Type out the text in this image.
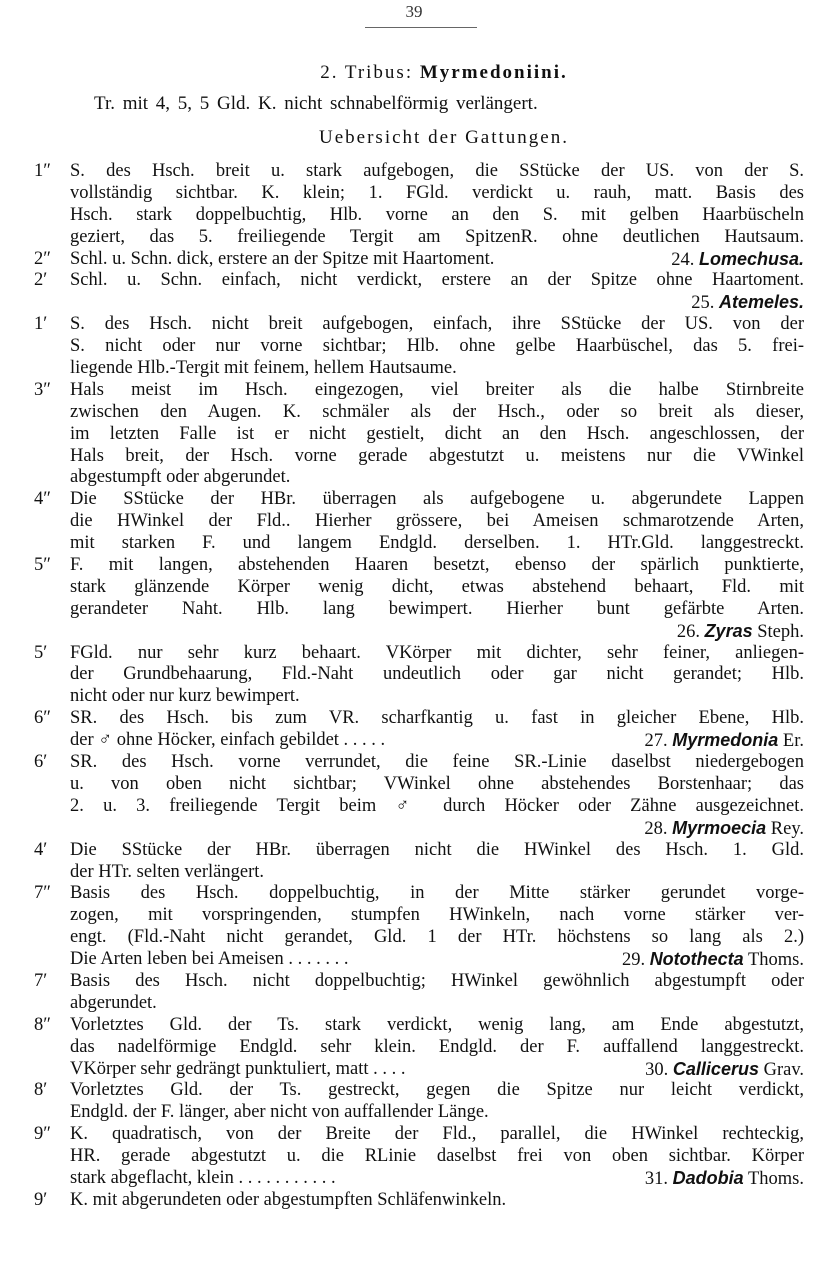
39
2. Tribus: Myrmedoniini.
Tr. mit 4, 5, 5 Gld. K. nicht schnabelförmig verlängert.
Uebersicht der Gattungen.
1″	S. des Hsch. breit u. stark aufgebogen, die SStücke der US. von der S.
vollständig sichtbar. K. klein; 1. FGld. verdickt u. rauh, matt. Basis des
Hsch. stark doppelbuchtig, Hlb. vorne an den S. mit gelben Haarbüscheln
geziert, das 5. freiliegende Tergit am SpitzenR. ohne deutlichen Hautsaum.
2″	Schl. u. Schn. dick, erstere an der Spitze mit Haartoment.	24. Lomechusa.
2′	Schl. u. Schn. einfach, nicht verdickt, erstere an der Spitze ohne Haartoment.
25. Atemeles.
1′	S. des Hsch. nicht breit aufgebogen, einfach, ihre SStücke der US. von der
S. nicht oder nur vorne sichtbar; Hlb. ohne gelbe Haarbüschel, das 5. frei-
liegende Hlb.-Tergit mit feinem, hellem Hautsaume.
3″	Hals meist im Hsch. eingezogen, viel breiter als die halbe Stirnbreite
zwischen den Augen. K. schmäler als der Hsch., oder so breit als dieser,
im letzten Falle ist er nicht gestielt, dicht an den Hsch. angeschlossen, der
Hals breit, der Hsch. vorne gerade abgestutzt u. meistens nur die VWinkel
abgestumpft oder abgerundet.
4″	Die SStücke der HBr. überragen als aufgebogene u. abgerundete Lappen
die HWinkel der Fld.. Hierher grössere, bei Ameisen schmarotzende Arten,
mit starken F. und langem Endgld. derselben. 1. HTr.Gld. langgestreckt.
5″	F. mit langen, abstehenden Haaren besetzt, ebenso der spärlich punktierte,
stark glänzende Körper wenig dicht, etwas abstehend behaart, Fld. mit
gerandeter Naht. Hlb. lang bewimpert. Hierher bunt gefärbte Arten.
26. Zyras Steph.
5′	FGld. nur sehr kurz behaart. VKörper mit dichter, sehr feiner, anliegen-
der Grundbehaarung, Fld.-Naht undeutlich oder gar nicht gerandet; Hlb.
nicht oder nur kurz bewimpert.
6″	SR. des Hsch. bis zum VR. scharfkantig u. fast in gleicher Ebene, Hlb.
der ♂ ohne Höcker, einfach gebildet . . . . .	27. Myrmedonia Er.
6′	SR. des Hsch. vorne verrundet, die feine SR.-Linie daselbst niedergebogen
u. von oben nicht sichtbar; VWinkel ohne abstehendes Borstenhaar; das
2. u. 3. freiliegende Tergit beim ♂ durch Höcker oder Zähne ausgezeichnet.
28. Myrmoecia Rey.
4′	Die SStücke der HBr. überragen nicht die HWinkel des Hsch. 1. Gld.
der HTr. selten verlängert.
7″	Basis des Hsch. doppelbuchtig, in der Mitte stärker gerundet vorge-
zogen, mit vorspringenden, stumpfen HWinkeln, nach vorne stärker ver-
engt. (Fld.-Naht nicht gerandet, Gld. 1 der HTr. höchstens so lang als 2.)
Die Arten leben bei Ameisen . . . . . . .	29. Notothecta Thoms.
7′	Basis des Hsch. nicht doppelbuchtig; HWinkel gewöhnlich abgestumpft oder
abgerundet.
8″	Vorletztes Gld. der Ts. stark verdickt, wenig lang, am Ende abgestutzt,
das nadelförmige Endgld. sehr klein. Endgld. der F. auffallend langgestreckt.
VKörper sehr gedrängt punktuliert, matt . . . .	30. Callicerus Grav.
8′	Vorletztes Gld. der Ts. gestreckt, gegen die Spitze nur leicht verdickt,
Endgld. der F. länger, aber nicht von auffallender Länge.
9″	K. quadratisch, von der Breite der Fld., parallel, die HWinkel rechteckig,
HR. gerade abgestutzt u. die RLinie daselbst frei von oben sichtbar. Körper
stark abgeflacht, klein . . . . . . . . . . .	31. Dadobia Thoms.
9′	K. mit abgerundeten oder abgestumpften Schläfenwinkeln.
